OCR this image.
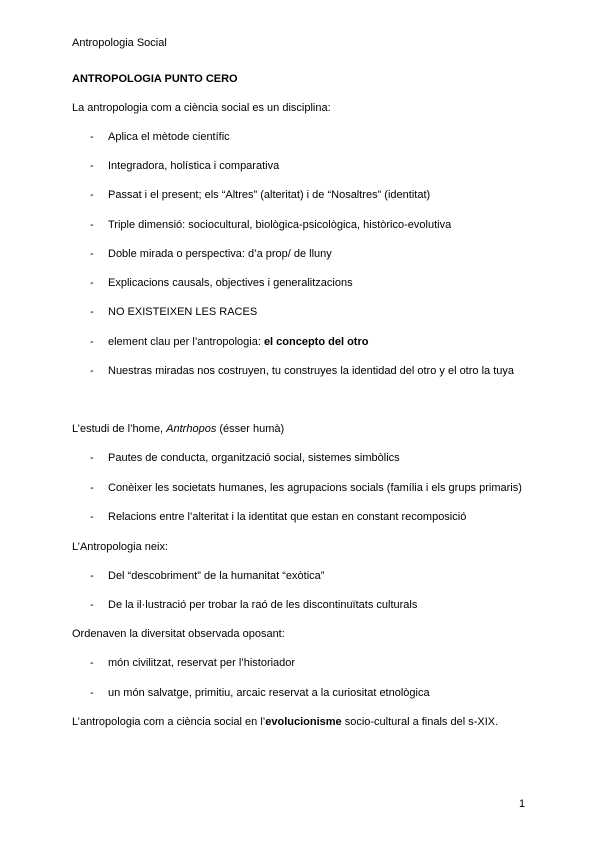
Antropologia Social
ANTROPOLOGIA PUNTO CERO
La antropologia com a ciència social es un disciplina:
- Aplica el mètode científic
- Integradora, holística i comparativa
- Passat i el present; els “Altres” (alteritat) i de “Nosaltres” (identitat)
- Triple dimensió: sociocultural, biològica-psicològica, històrico-evolutiva
- Doble mirada o perspectiva: d’a prop/ de lluny
- Explicacions causals, objectives i generalitzacions
- NO EXISTEIXEN LES RACES
- element clau per l’antropologia: el concepto del otro
- Nuestras miradas nos costruyen, tu construyes la identidad del otro y el otro la tuya
L’estudi de l’home, Antrhopos (ésser humà)
- Pautes de conducta, organització social, sistemes simbòlics
- Conèixer les societats humanes, les agrupacions socials (família i els grups primaris)
- Relacions entre l’alteritat i la identitat que estan en constant recomposició
L’Antropologia neix:
- Del “descobriment” de la humanitat “exòtica”
- De la il·lustració per trobar la raó de les discontinuïtats culturals
Ordenaven la diversitat observada oposant:
- món civilitzat, reservat per l’historiador
- un món salvatge, primitiu, arcaic reservat a la curiositat etnològica
L’antropologia com a ciència social en l’evolucionisme socio-cultural a finals del s-XIX.
1
